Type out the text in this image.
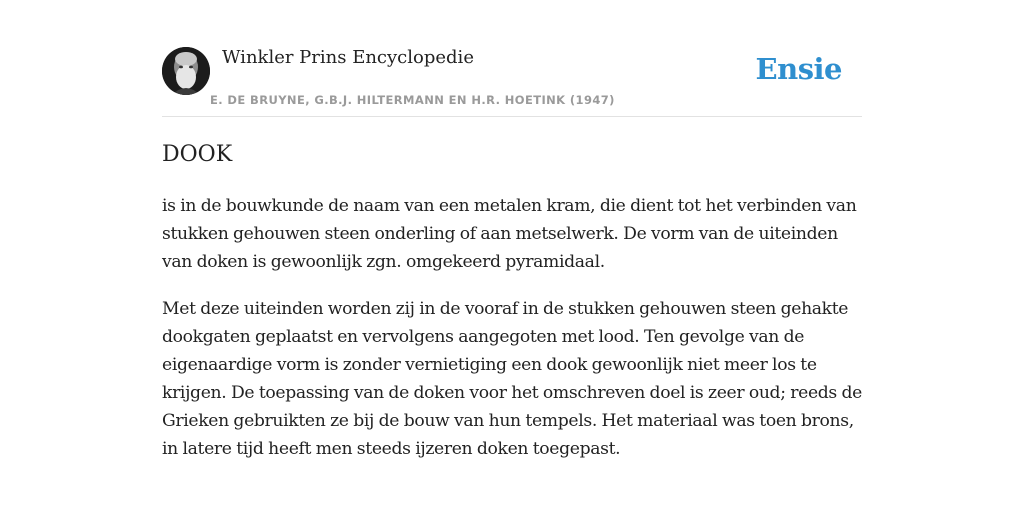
Winkler Prins Encyclopedie
E. DE BRUYNE, G.B.J. HILTERMANN EN H.R. HOETINK (1947)
Ensie
DOOK

is in de bouwkunde de naam van een metalen kram, die dient tot het verbinden van stukken gehouwen steen onderling of aan metselwerk. De vorm van de uiteinden van doken is gewoonlijk zgn. omgekeerd pyramidaal.

Met deze uiteinden worden zij in de vooraf in de stukken gehouwen steen gehakte dookgaten geplaatst en vervolgens aangegoten met lood. Ten gevolge van de eigenaardige vorm is zonder vernietiging een dook gewoonlijk niet meer los te krijgen. De toepassing van de doken voor het omschreven doel is zeer oud; reeds de Grieken gebruikten ze bij de bouw van hun tempels. Het materiaal was toen brons, in latere tijd heeft men steeds ijzeren doken toegepast.
